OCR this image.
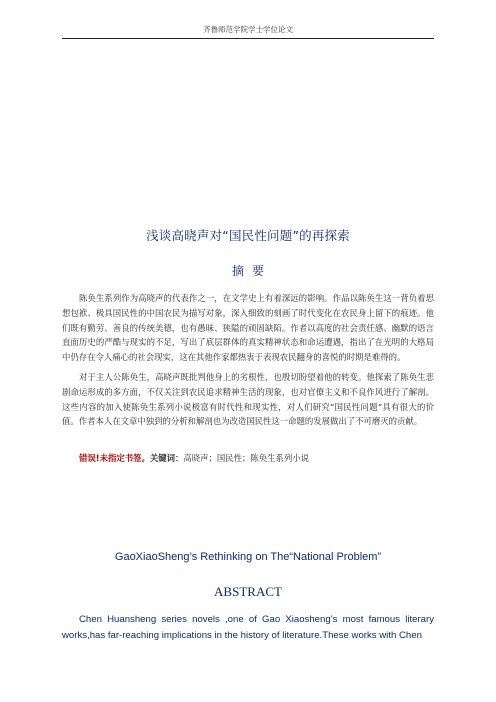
齐鲁师范学院学士学位论文
浅谈高晓声对“国民性问题”的再探索
摘要

陈奂生系列作为高晓声的代表作之一，在文学史上有着深远的影响。作品以陈奂生这一背负着思想包袱、极具国民性的中国农民为描写对象，深入细致的刻画了时代变化在农民身上留下的痕迹。他们既有勤劳、善良的传统美德，也有愚昧、狭隘的顽固缺陷。作者以高度的社会责任感、幽默的语言直面历史的严酷与现实的不足，写出了底层群体的真实精神状态和命运遭遇，指出了在光明的大格局中仍存在令人痛心的社会现实，这在其他作家都热衷于表现农民翻身的喜悦的时期是难得的。

对于主人公陈奂生，高晓声既批判他身上的劣根性，也殷切盼望着他的转变。他探索了陈奂生悲剧命运形成的多方面，不仅关注到农民追求精神生活的现象，也对官僚主义和不良作风进行了解剖。这些内容的加入使陈奂生系列小说极富有时代性和现实性，对人们研究“国民性问题”具有很大的价值。作者本人在文章中独到的分析和解剖也为改造国民性这一命题的发展做出了不可磨灭的贡献。

错误!未指定书签。关键词：高晓声；国民性；陈奂生系列小说

GaoXiaoSheng’s Rethinking on The“National Problem”
ABSTRACT

Chen Huansheng series novels ,one of Gao Xiaosheng’s most famous literary works,has far-reaching implications in the history of literature.These works with Chen
